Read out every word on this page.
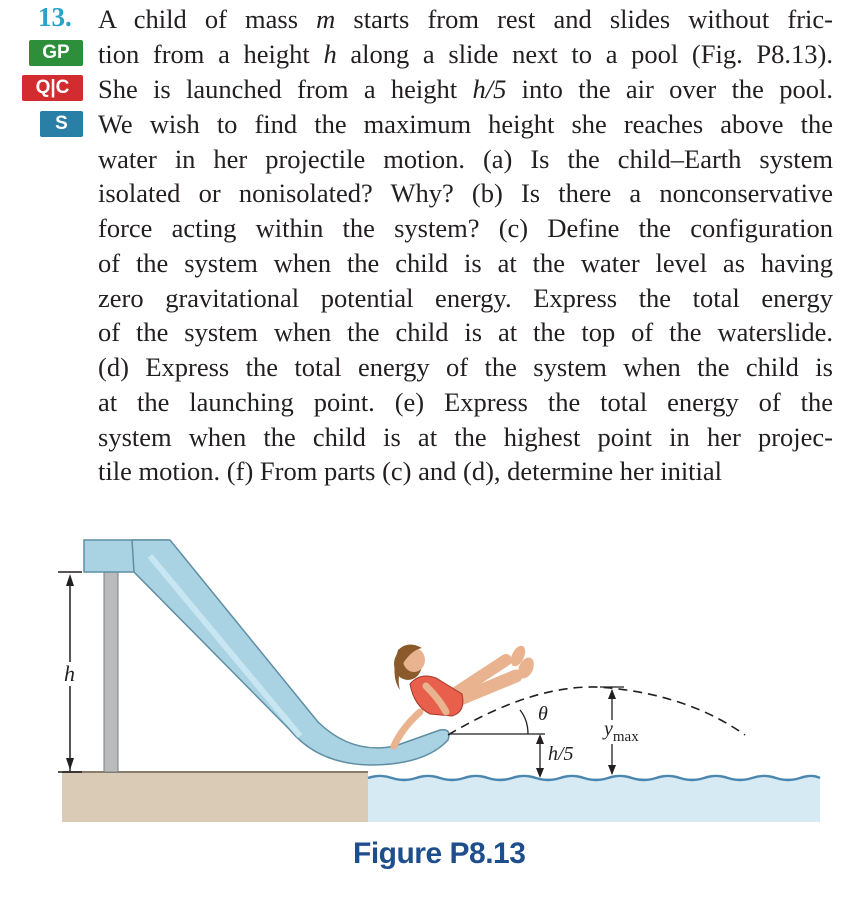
13.
GP
Q|C
S
A child of mass m starts from rest and slides without fric-
tion from a height h along a slide next to a pool (Fig. P8.13).
She is launched from a height h/5 into the air over the pool.
We wish to find the maximum height she reaches above the
water in her projectile motion. (a) Is the child–Earth system
isolated or nonisolated? Why? (b) Is there a nonconservative
force acting within the system? (c) Define the configuration
of the system when the child is at the water level as having
zero gravitational potential energy. Express the total energy
of the system when the child is at the top of the waterslide.
(d) Express the total energy of the system when the child is
at the launching point. (e) Express the total energy of the
system when the child is at the highest point in her projec-
tile motion. (f) From parts (c) and (d), determine her initial
h
θ
h/5
$y_{max}$
Figure P8.13
